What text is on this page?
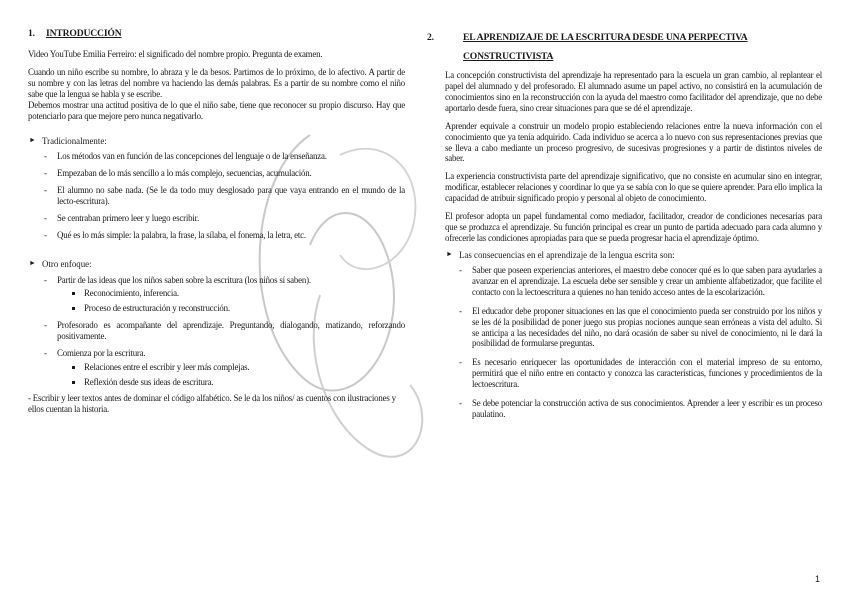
1. INTRODUCCIÓN

Video YouTube Emilia Ferreiro: el significado del nombre propio. Pregunta de examen.

Cuando un niño escribe su nombre, lo abraza y le da besos. Partimos de lo próximo, de lo afectivo. A partir de su nombre y con las letras del nombre va haciendo las demás palabras. Es a partir de su nombre como el niño sabe que la lengua se habla y se escribe.

Debemos mostrar una actitud positiva de lo que el niño sabe, tiene que reconocer su propio discurso. Hay que potenciarlo para que mejore pero nunca negativarlo.

► Tradicionalmente:
- Los métodos van en función de las concepciones del lenguaje o de la enseñanza.
- Empezaban de lo más sencillo a lo más complejo, secuencias, acumulación.
- El alumno no sabe nada. (Se le da todo muy desglosado para que vaya entrando en el mundo de la lecto-escritura).
- Se centraban primero leer y luego escribir.
- Qué es lo más simple: la palabra, la frase, la sílaba, el fonema, la letra, etc.
► Otro enfoque:
- Partir de las ideas que los niños saben sobre la escritura (los niños sí saben).
Reconocimiento, inferencia.
Proceso de estructuración y reconstrucción.
- Profesorado es acompañante del aprendizaje. Preguntando, dialogando, matizando, reforzando positivamente.
- Comienza por la escritura.
Relaciones entre el escribir y leer más complejas.
Reflexión desde sus ideas de escritura.
- Escribir y leer textos antes de dominar el código alfabético. Se le da los niños/ as cuentos con ilustraciones y ellos cuentan la historia.
2.	EL APRENDIZAJE DE LA ESCRITURA DESDE UNA PERPECTIVA CONSTRUCTIVISTA

La concepción constructivista del aprendizaje ha representado para la escuela un gran cambio, al replantear el papel del alumnado y del profesorado. El alumnado asume un papel activo, no consistirá en la acumulación de conocimientos sino en la reconstrucción con la ayuda del maestro como facilitador del aprendizaje, que no debe aportarlo desde fuera, sino crear situaciones para que se dé el aprendizaje.

Aprender equivale a construir un modelo propio estableciendo relaciones entre la nueva información con el conocimiento que ya tenía adquirido. Cada individuo se acerca a lo nuevo con sus representaciones previas que se lleva a cabo mediante un proceso progresivo, de sucesivas progresiones y a partir de distintos niveles de saber.

La experiencia constructivista parte del aprendizaje significativo, que no consiste en acumular sino en integrar, modificar, establecer relaciones y coordinar lo que ya se sabía con lo que se quiere aprender. Para ello implica la capacidad de atribuir significado propio y personal al objeto de conocimiento.

El profesor adopta un papel fundamental como mediador, facilitador, creador de condiciones necesarias para que se produzca el aprendizaje. Su función principal es crear un punto de partida adecuado para cada alumno y ofrecerle las condiciones apropiadas para que se pueda progresar hacia el aprendizaje óptimo.

► Las consecuencias en el aprendizaje de la lengua escrita son:
- Saber que poseen experiencias anteriores, el maestro debe conocer qué es lo que saben para ayudarles a avanzar en el aprendizaje. La escuela debe ser sensible y crear un ambiente alfabetizador, que facilite el contacto con la lectoescritura a quienes no han tenido acceso antes de la escolarización.
- El educador debe proponer situaciones en las que el conocimiento pueda ser construido por los niños y se les dé la posibilidad de poner juego sus propias nociones aunque sean erróneas a vista del adulto. Si se anticipa a las necesidades del niño, no dará ocasión de saber su nivel de conocimiento, ni le dará la posibilidad de formularse preguntas.
- Es necesario enriquecer las oportunidades de interacción con el material impreso de su entorno, permitirá que el niño entre en contacto y conozca las características, funciones y procedimientos de la lectoescritura.
- Se debe potenciar la construcción activa de sus conocimientos. Aprender a leer y escribir es un proceso paulatino.
1
